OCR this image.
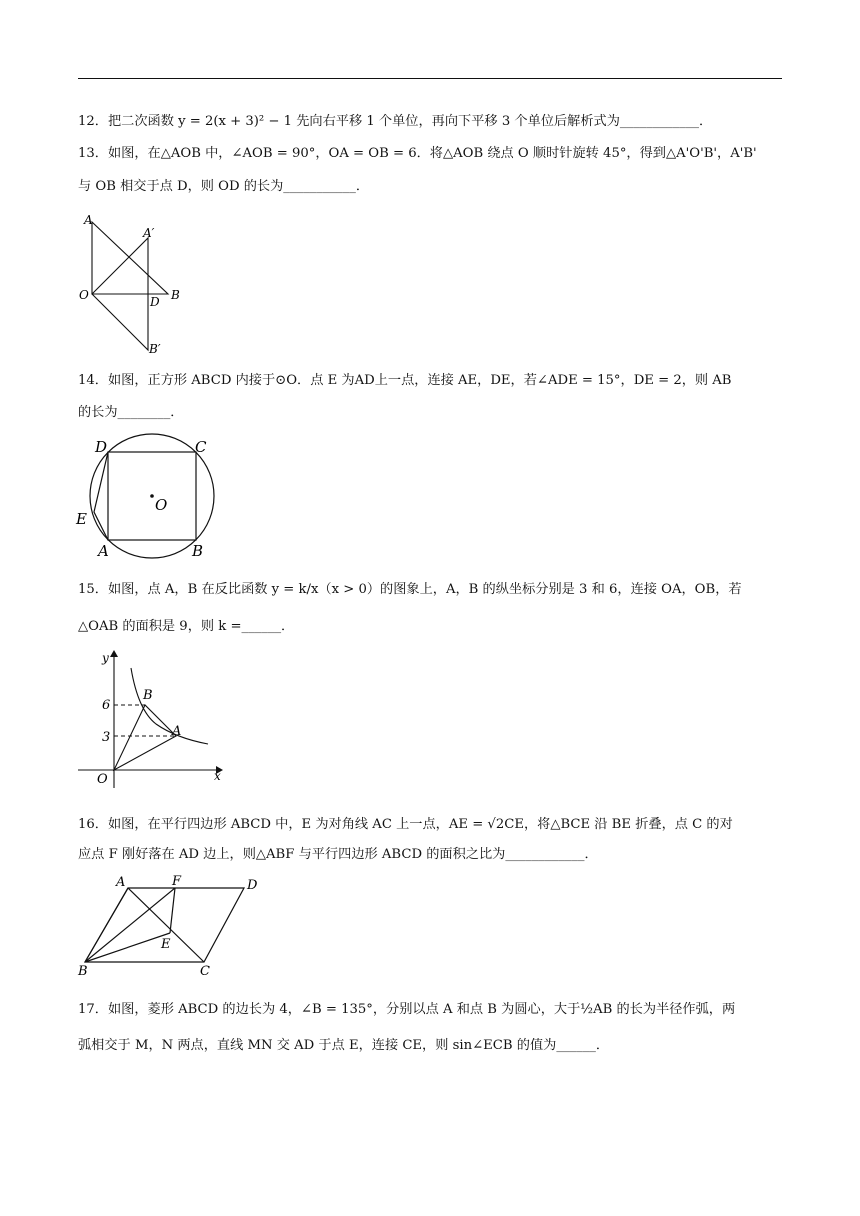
12．把二次函数 y = 2(x + 3)² − 1 先向右平移 1 个单位，再向下平移 3 个单位后解析式为____________．
13．如图，在△AOB 中，∠AOB = 90°，OA = OB = 6．将△AOB 绕点 O 顺时针旋转 45°，得到△A'O'B'，A'B'
与 OB 相交于点 D，则 OD 的长为___________．
A
A′
O	D B
B′
14．如图，正方形 ABCD 内接于⊙O．点 E 为AD上一点，连接 AE，DE，若∠ADE = 15°，DE = 2，则 AB
的长为________．
D	C
O
E
A	B
15．如图，点 A，B 在反比函数 y = k/x（x > 0）的图象上，A，B 的纵坐标分别是 3 和 6，连接 OA，OB，若
△OAB 的面积是 9，则 k =______．
y
x
O
6
3
B
A
16．如图，在平行四边形 ABCD 中，E 为对角线 AC 上一点，AE = √2CE，将△BCE 沿 BE 折叠，点 C 的对
应点 F 刚好落在 AD 边上，则△ABF 与平行四边形 ABCD 的面积之比为____________．
A	F	D
E
B	C
17．如图，菱形 ABCD 的边长为 4，∠B = 135°，分别以点 A 和点 B 为圆心，大于½AB 的长为半径作弧，两
弧相交于 M，N 两点，直线 MN 交 AD 于点 E，连接 CE，则 sin∠ECB 的值为______．
